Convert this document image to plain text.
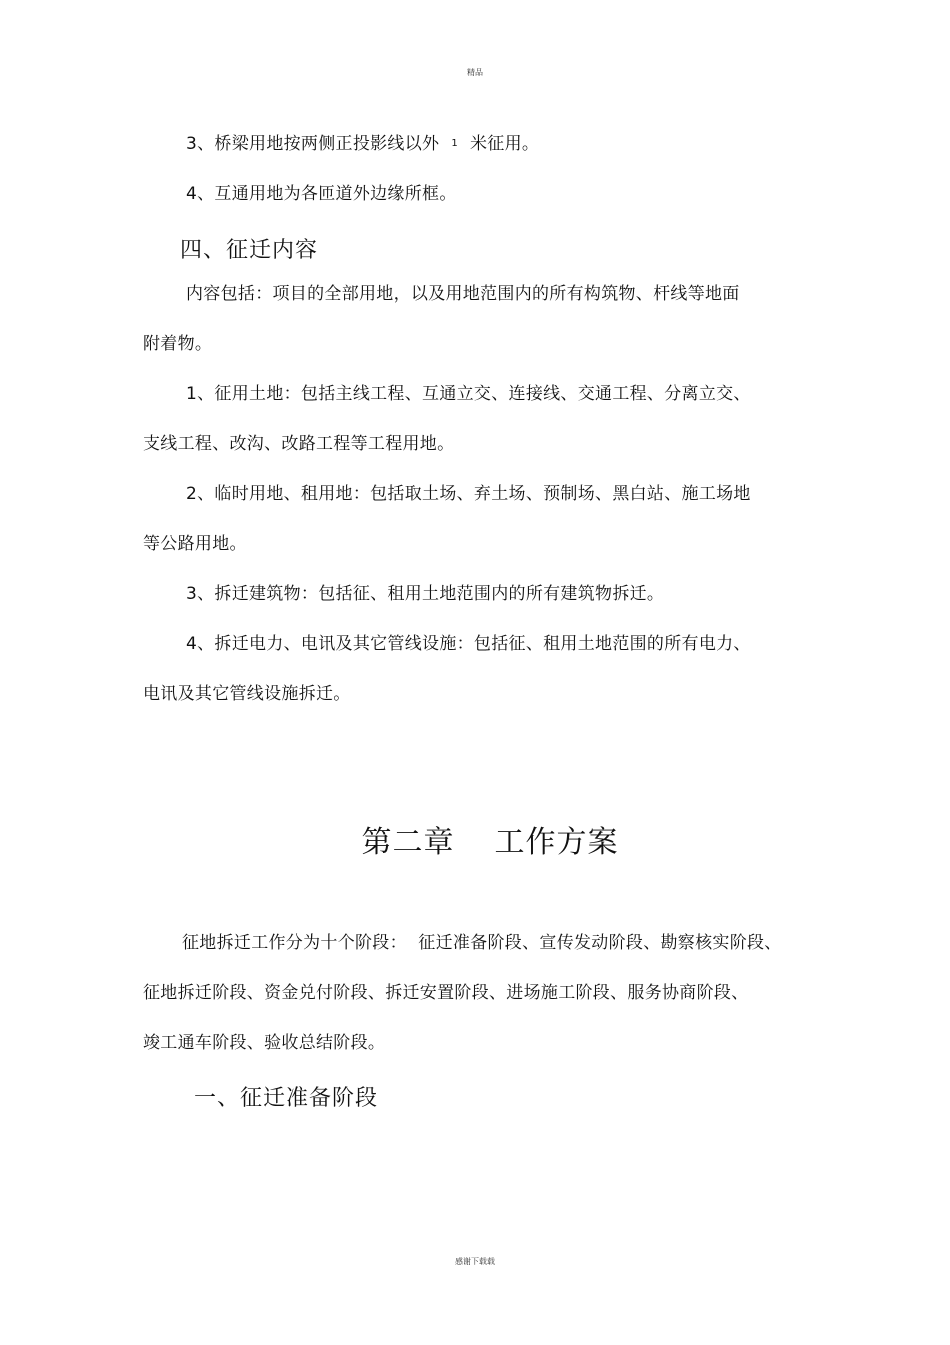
精品
3、桥梁用地按两侧正投影线以外 1 米征用。
4、互通用地为各匝道外边缘所框。
四、征迁内容
内容包括：项目的全部用地，以及用地范围内的所有构筑物、杆线等地面
附着物。
1、征用土地：包括主线工程、互通立交、连接线、交通工程、分离立交、
支线工程、改沟、改路工程等工程用地。
2、临时用地、租用地：包括取土场、弃土场、预制场、黑白站、施工场地
等公路用地。
3、拆迁建筑物：包括征、租用土地范围内的所有建筑物拆迁。
4、拆迁电力、电讯及其它管线设施：包括征、租用土地范围的所有电力、
电讯及其它管线设施拆迁。
第二章 工作方案
征地拆迁工作分为十个阶段：  征迁准备阶段、宣传发动阶段、勘察核实阶段、
征地拆迁阶段、资金兑付阶段、拆迁安置阶段、进场施工阶段、服务协商阶段、
竣工通车阶段、验收总结阶段。
一、征迁准备阶段
感谢下载载
